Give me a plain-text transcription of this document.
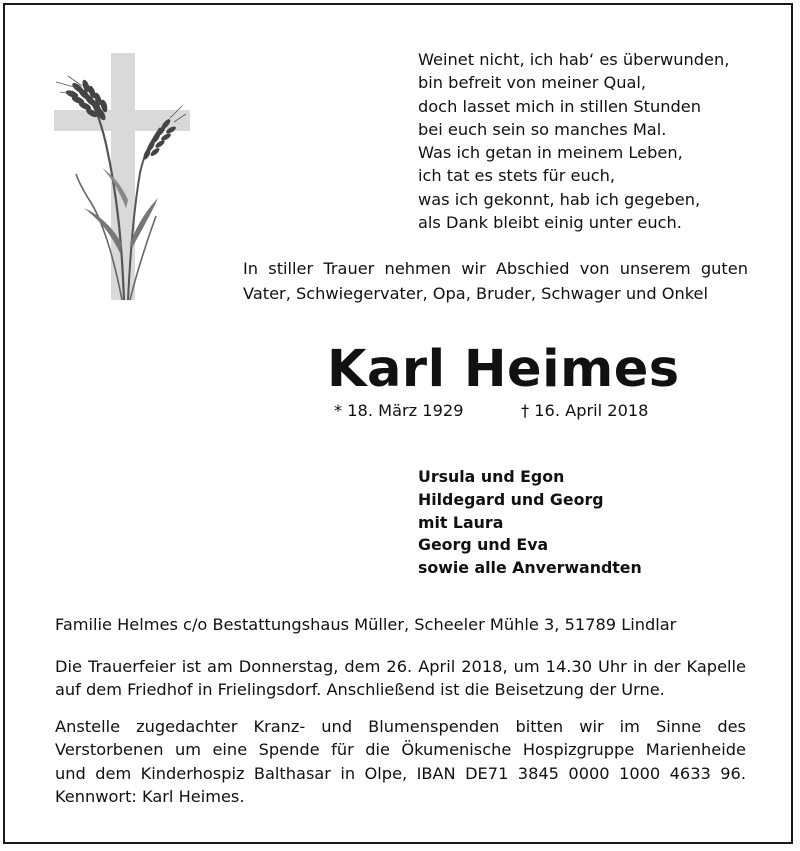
Weinet nicht, ich hab‘ es überwunden,
bin befreit von meiner Qual,
doch lasset mich in stillen Stunden
bei euch sein so manches Mal.
Was ich getan in meinem Leben,
ich tat es stets für euch,
was ich gekonnt, hab ich gegeben,
als Dank bleibt einig unter euch.
In stiller Trauer nehmen wir Abschied von unserem guten
Vater, Schwiegervater, Opa, Bruder, Schwager und Onkel
Karl Heimes
* 18. März 1929	† 16. April 2018
Ursula und Egon
Hildegard und Georg
mit Laura
Georg und Eva
sowie alle Anverwandten
Familie Helmes c/o Bestattungshaus Müller, Scheeler Mühle 3, 51789 Lindlar
Die Trauerfeier ist am Donnerstag, dem 26. April 2018, um 14.30 Uhr in der Kapelle
auf dem Friedhof in Frielingsdorf. Anschließend ist die Beisetzung der Urne.
Anstelle zugedachter Kranz- und Blumenspenden bitten wir im Sinne des
Verstorbenen um eine Spende für die Ökumenische Hospizgruppe Marienheide
und dem Kinderhospiz Balthasar in Olpe, IBAN DE71 3845 0000 1000 4633 96.
Kennwort: Karl Heimes.
